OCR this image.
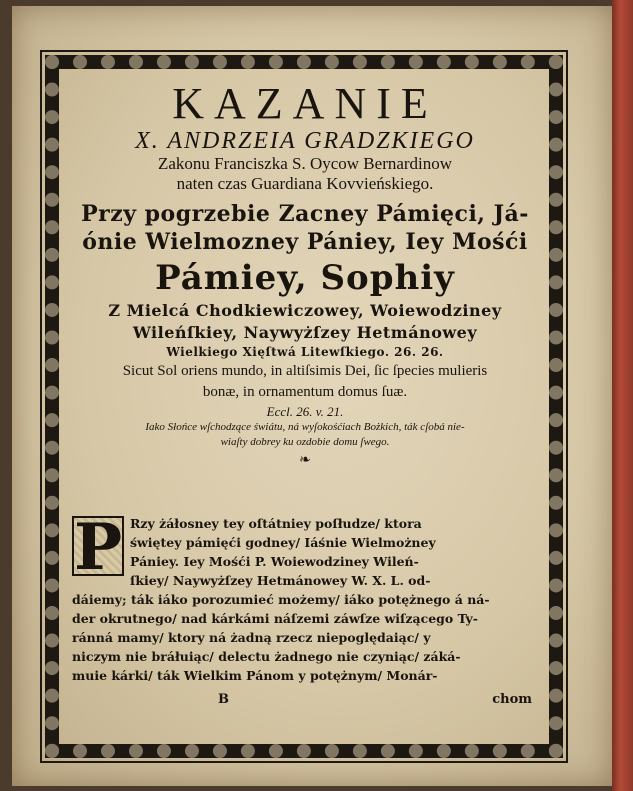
KAZANIE
X. ANDRZEIA GRADZKIEGO
Zakonu Franciszka S. Oycow Bernardinow
naten czas Guardiana Kovvieńskiego.
Przy pogrzebie Zacney Pámięci, Já-
ónie Wielmozney Pániey, Iey Mośći
Pámiey, Sophiy
Z Mielcá Chodkiewiczowey, Woiewodziney
Wileńſkiey, Naywyżſzey Hetmánowey
Wielkiego Xięſtwá Litewſkiego. 26. 26.
Sicut Sol oriens mundo, in altiſsimis Dei, ſic ſpecies mulieris
bonæ, in ornamentum domus ſuæ.
Eccl. 26. v. 21.
Iako Słońce wſchodzące świátu, ná wyſokośćiach Bożkich, ták cſobá nie-
wiaſty dobrey ku ozdobie domu ſwego.
❧
P Rzy żáłosney tey oſtátniey poſłudze/ ktora
świętey pámięći godney/ Iáśnie Wielmożney
Pániey. Iey Mośći P. Woiewodziney Wileń-
ſkiey/ Naywyżſzey Hetmánowey W. X. L. od-
dáiemy; ták iáko porozumieć możemy/ iáko potężnego á ná-
der okrutnego/ nad kárkámi náſzemi záwſze wiſzącego Ty-
ránná mamy/ ktory ná żadną rzecz niepoględaiąc/ y
niczym nie bráłuiąc/ delectu żadnego nie czyniąc/ záká-
muie kárki/ ták Wielkim Pánom y potężnym/ Monár-
B	chom
